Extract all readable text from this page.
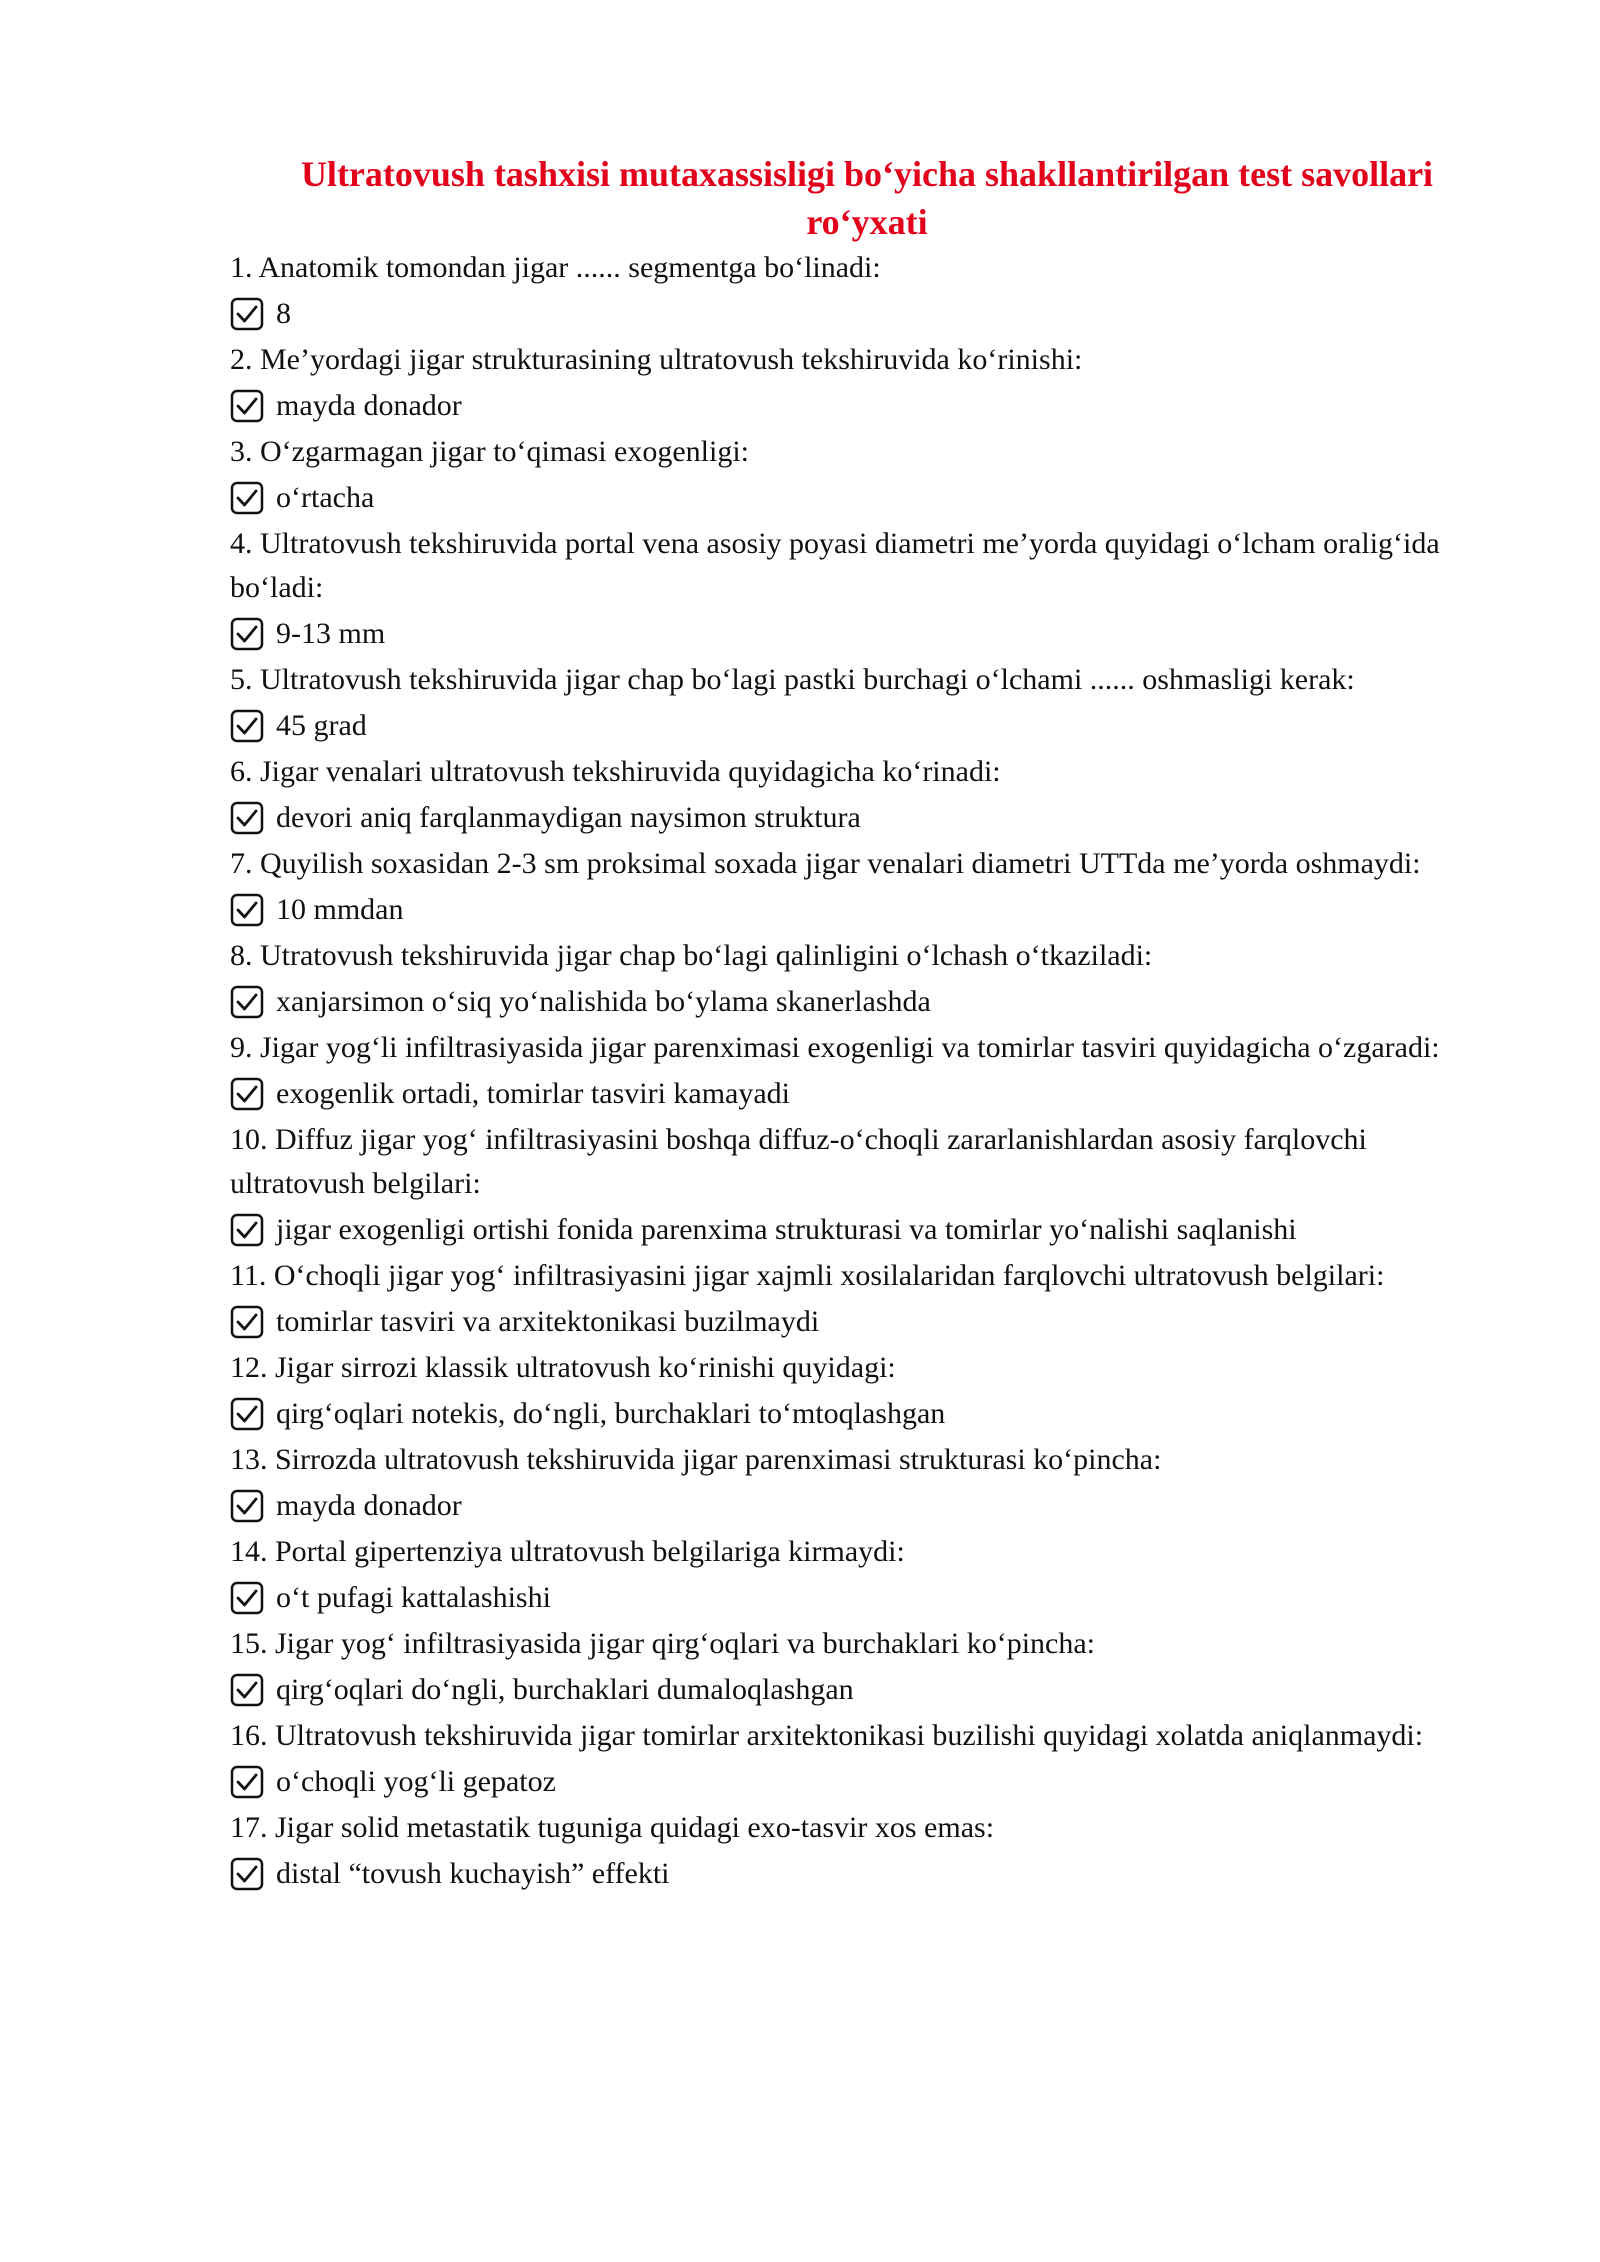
Ultratovush tashxisi mutaxassisligi bo‘yicha shakllantirilgan test savollari
ro‘yxati

1. Anatomik tomondan jigar ...... segmentga bo‘linadi:

8

2. Me’yordagi jigar strukturasining ultratovush tekshiruvida ko‘rinishi:

mayda donador

3. O‘zgarmagan jigar to‘qimasi exogenligi:

o‘rtacha

4. Ultratovush tekshiruvida portal vena asosiy poyasi diametri me’yorda quyidagi o‘lcham oralig‘ida bo‘ladi:

9-13 mm

5. Ultratovush tekshiruvida jigar chap bo‘lagi pastki burchagi o‘lchami ...... oshmasligi kerak:

45 grad

6. Jigar venalari ultratovush tekshiruvida quyidagicha ko‘rinadi:

devori aniq farqlanmaydigan naysimon struktura

7. Quyilish soxasidan 2-3 sm proksimal soxada jigar venalari diametri UTTda me’yorda oshmaydi:

10 mmdan

8. Utratovush tekshiruvida jigar chap bo‘lagi qalinligini o‘lchash o‘tkaziladi:

xanjarsimon o‘siq yo‘nalishida bo‘ylama skanerlashda

9. Jigar yog‘li infiltrasiyasida jigar parenximasi exogenligi va tomirlar tasviri quyidagicha o‘zgaradi:

exogenlik ortadi, tomirlar tasviri kamayadi

10. Diffuz jigar yog‘ infiltrasiyasini boshqa diffuz-o‘choqli zararlanishlardan asosiy farqlovchi ultratovush belgilari:

jigar exogenligi ortishi fonida parenxima strukturasi va tomirlar yo‘nalishi saqlanishi

11. O‘choqli jigar yog‘ infiltrasiyasini jigar xajmli xosilalaridan farqlovchi ultratovush belgilari:

tomirlar tasviri va arxitektonikasi buzilmaydi

12. Jigar sirrozi klassik ultratovush ko‘rinishi quyidagi:

qirg‘oqlari notekis, do‘ngli, burchaklari to‘mtoqlashgan

13. Sirrozda ultratovush tekshiruvida jigar parenximasi strukturasi ko‘pincha:

mayda donador

14. Portal gipertenziya ultratovush belgilariga kirmaydi:

o‘t pufagi kattalashishi

15. Jigar yog‘ infiltrasiyasida jigar qirg‘oqlari va burchaklari ko‘pincha:

qirg‘oqlari do‘ngli, burchaklari dumaloqlashgan

16. Ultratovush tekshiruvida jigar tomirlar arxitektonikasi buzilishi quyidagi xolatda aniqlanmaydi:

o‘choqli yog‘li gepatoz

17. Jigar solid metastatik tuguniga quidagi exo-tasvir xos emas:

distal “tovush kuchayish” effekti
